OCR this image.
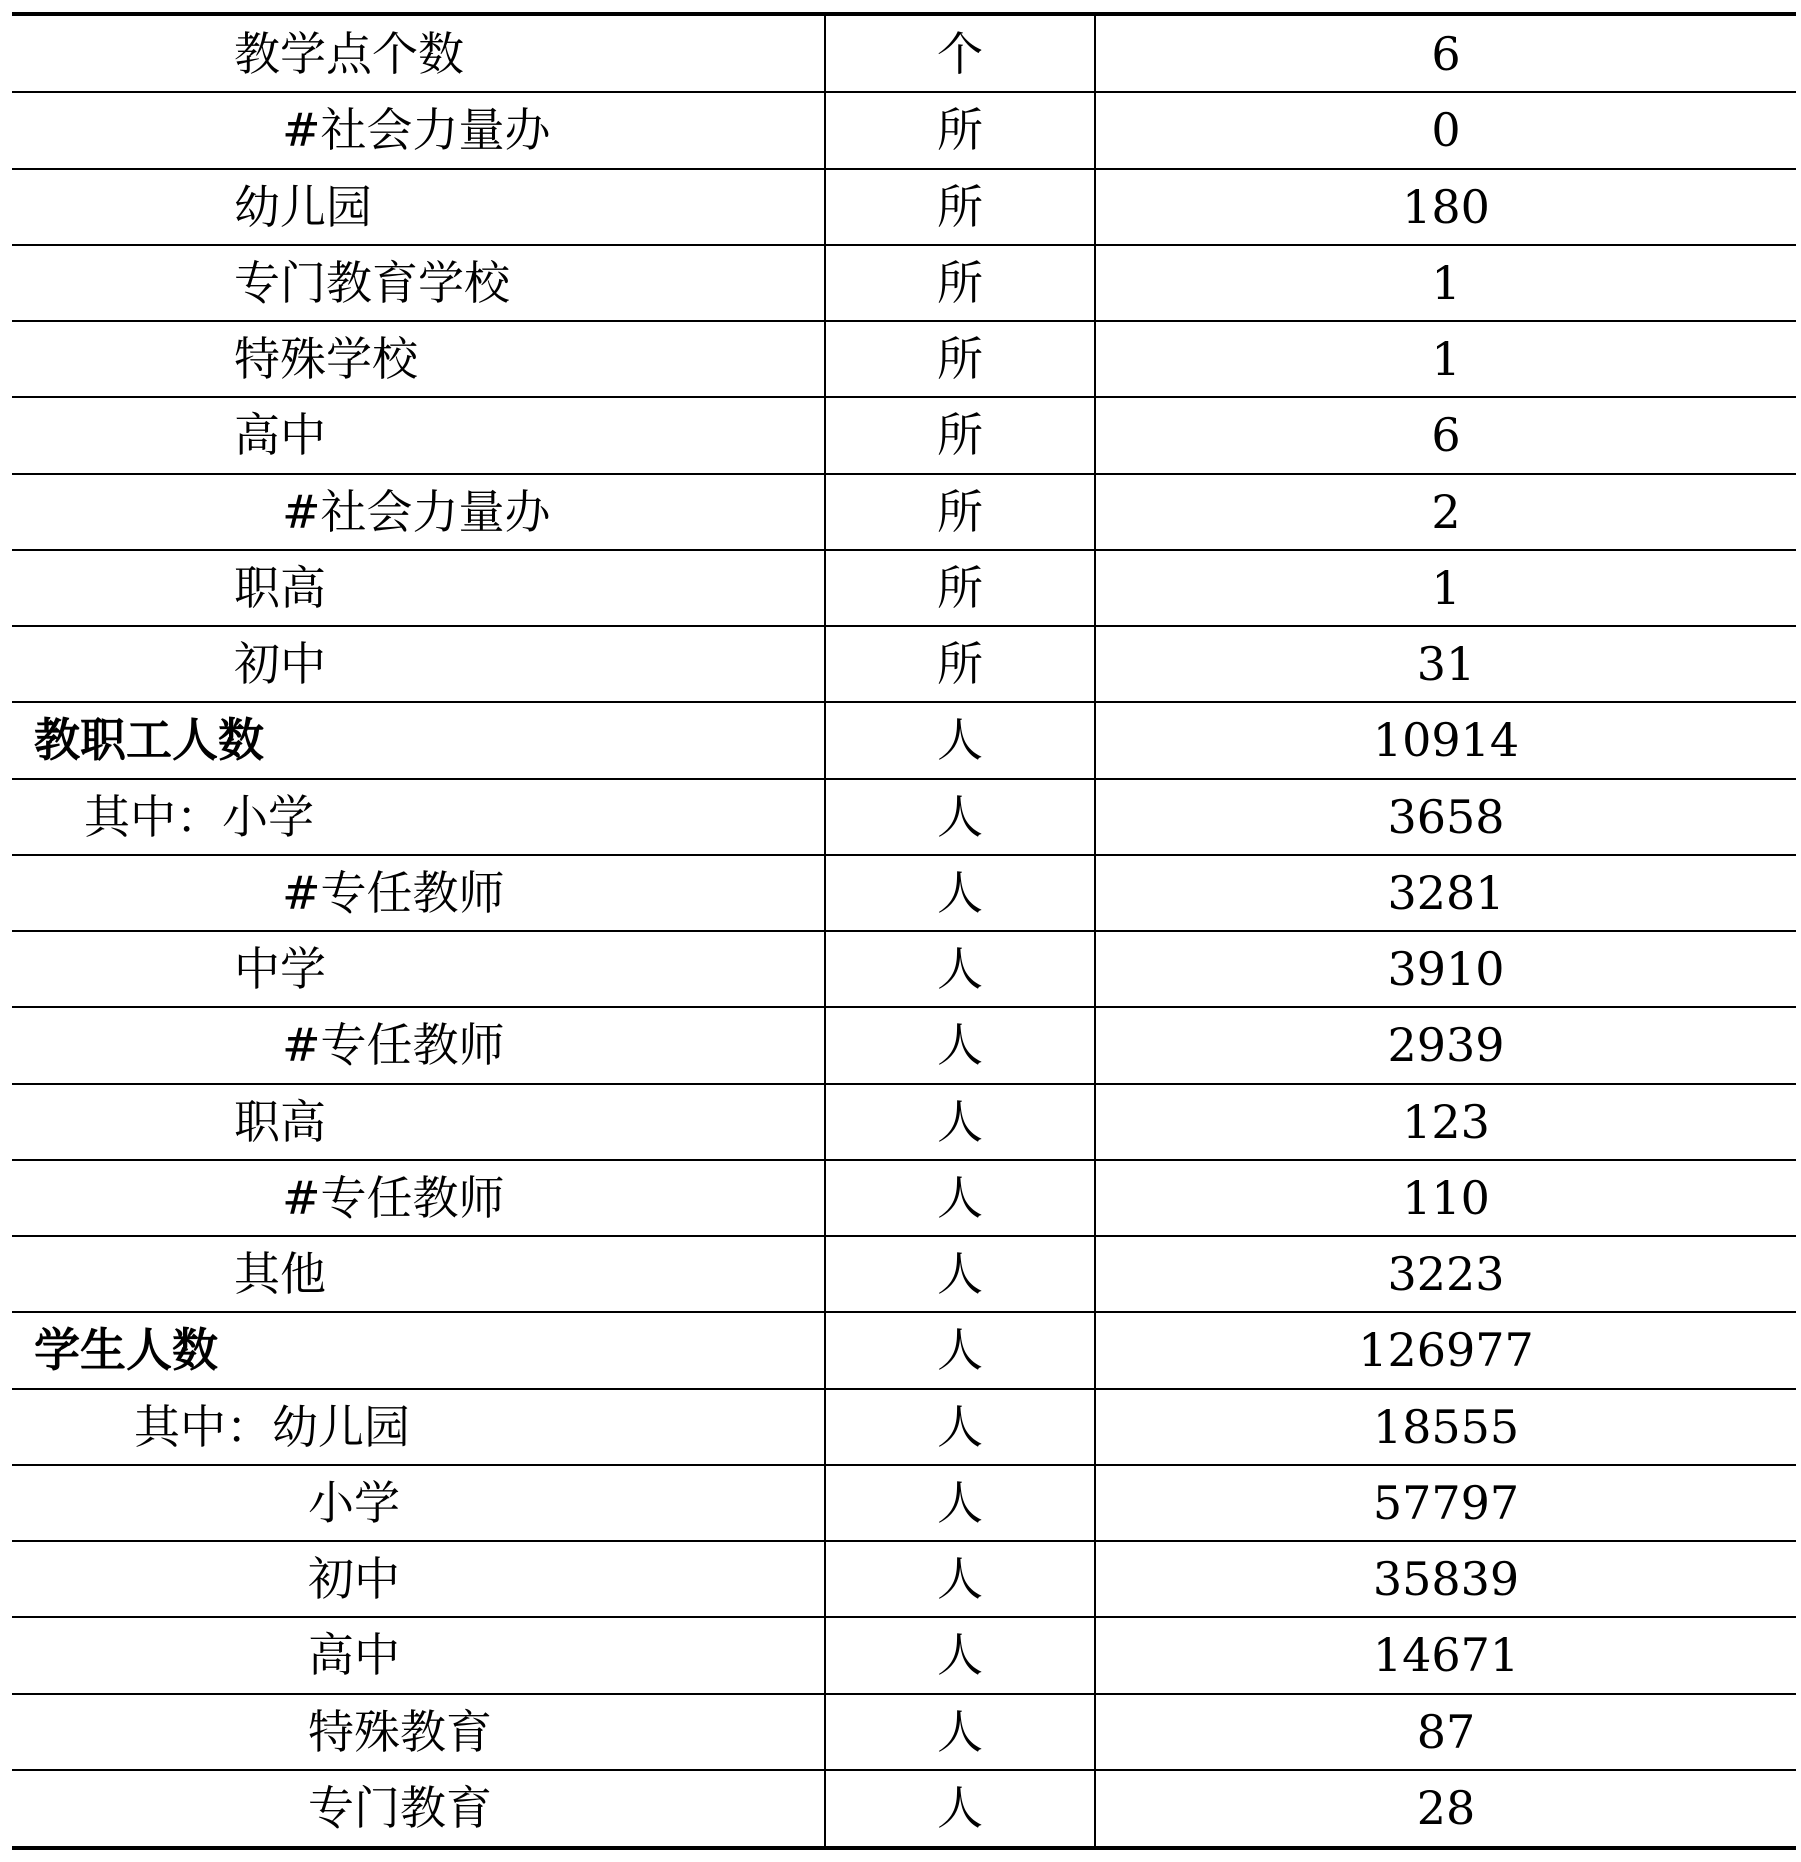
教学点个数	个	6
#社会力量办	所	0
幼儿园	所	180
专门教育学校	所	1
特殊学校	所	1
高中	所	6
#社会力量办	所	2
职高	所	1
初中	所	31
教职工人数	人	10914
其中：小学	人	3658
#专任教师	人	3281
中学	人	3910
#专任教师	人	2939
职高	人	123
#专任教师	人	110
其他	人	3223
学生人数	人	126977
其中：幼儿园	人	18555
小学	人	57797
初中	人	35839
高中	人	14671
特殊教育	人	87
专门教育	人	28
